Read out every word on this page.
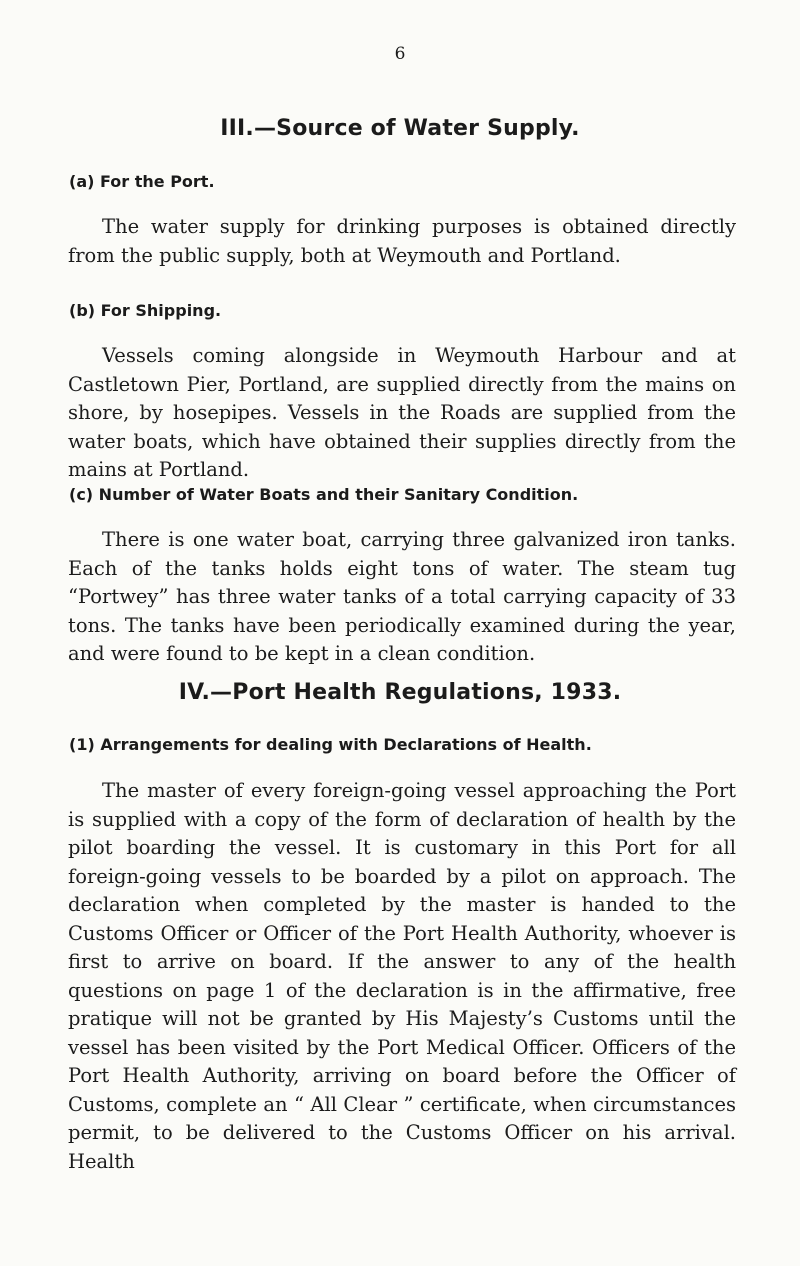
6
III.—Source of Water Supply.
(a) For the Port.

The water supply for drinking purposes is obtained directly from the public supply, both at Weymouth and Portland.

(b) For Shipping.

Vessels coming alongside in Weymouth Harbour and at Castletown Pier, Portland, are supplied directly from the mains on shore, by hosepipes. Vessels in the Roads are supplied from the water boats, which have obtained their supplies directly from the mains at Portland.

(c) Number of Water Boats and their Sanitary Condition.

There is one water boat, carrying three galvanized iron tanks. Each of the tanks holds eight tons of water. The steam tug “Portwey” has three water tanks of a total carrying capacity of 33 tons. The tanks have been periodically examined during the year, and were found to be kept in a clean condition.

IV.—Port Health Regulations, 1933.
(1) Arrangements for dealing with Declarations of Health.

The master of every foreign-going vessel approaching the Port is supplied with a copy of the form of declaration of health by the pilot boarding the vessel. It is customary in this Port for all foreign-going vessels to be boarded by a pilot on approach. The declaration when completed by the master is handed to the Customs Officer or Officer of the Port Health Authority, whoever is first to arrive on board. If the answer to any of the health questions on page 1 of the declaration is in the affirmative, free pratique will not be granted by His Majesty’s Customs until the vessel has been visited by the Port Medical Officer. Officers of the Port Health Authority, arriving on board before the Officer of Customs, complete an “ All Clear ” certificate, when circumstances permit, to be delivered to the Customs Officer on his arrival. Health
